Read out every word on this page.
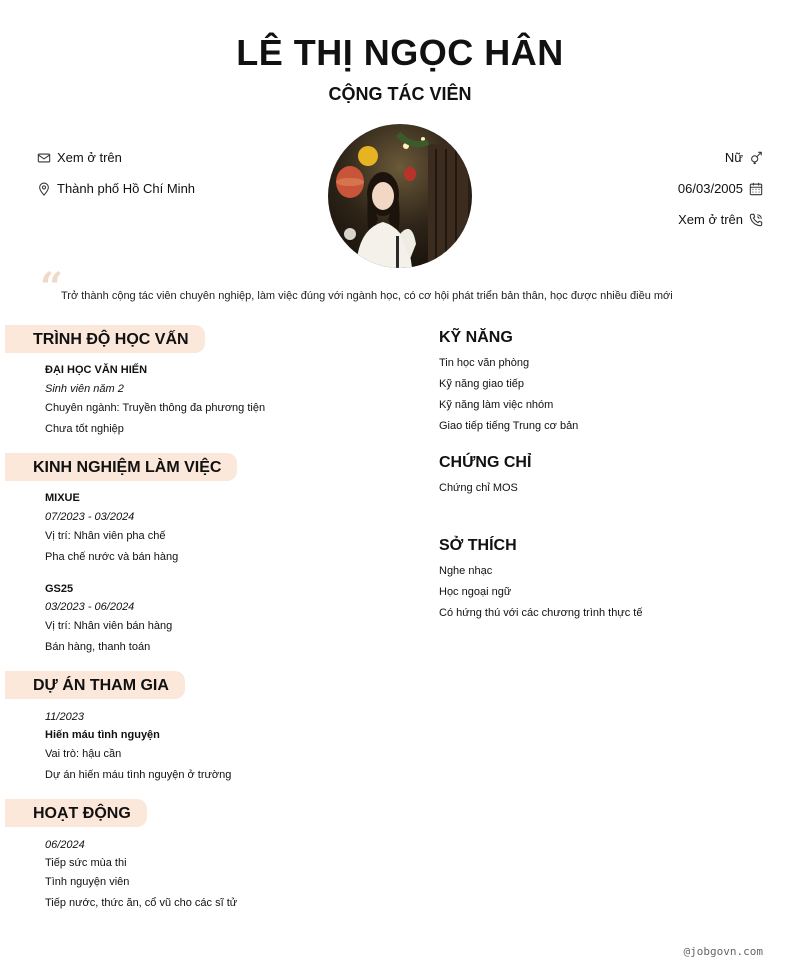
LÊ THỊ NGỌC HÂN
CỘNG TÁC VIÊN
Xem ở trên
Thành phố Hồ Chí Minh
Nữ
06/03/2005
Xem ở trên
“
Trở thành cộng tác viên chuyên nghiệp, làm việc đúng với ngành học, có cơ hội phát triển bản thân, học được nhiều điều mới
TRÌNH ĐỘ HỌC VẤN
ĐẠI HỌC VĂN HIẾN
Sinh viên năm 2
Chuyên ngành: Truyền thông đa phương tiện
Chưa tốt nghiệp
KINH NGHIỆM LÀM VIỆC
MIXUE
07/2023 - 03/2024
Vị trí: Nhân viên pha chế
Pha chế nước và bán hàng
GS25
03/2023 - 06/2024
Vị trí: Nhân viên bán hàng
Bán hàng, thanh toán
DỰ ÁN THAM GIA
11/2023
Hiến máu tình nguyện
Vai trò: hậu cần
Dự án hiến máu tình nguyện ở trường
HOẠT ĐỘNG
06/2024
Tiếp sức mùa thi
Tình nguyện viên
Tiếp nước, thức ăn, cổ vũ cho các sĩ tử
KỸ NĂNG
Tin học văn phòng
Kỹ năng giao tiếp
Kỹ năng làm việc nhóm
Giao tiếp tiếng Trung cơ bản
CHỨNG CHỈ
Chứng chỉ MOS
SỞ THÍCH
Nghe nhạc
Học ngoại ngữ
Có hứng thú với các chương trình thực tế
@jobgovn.com
